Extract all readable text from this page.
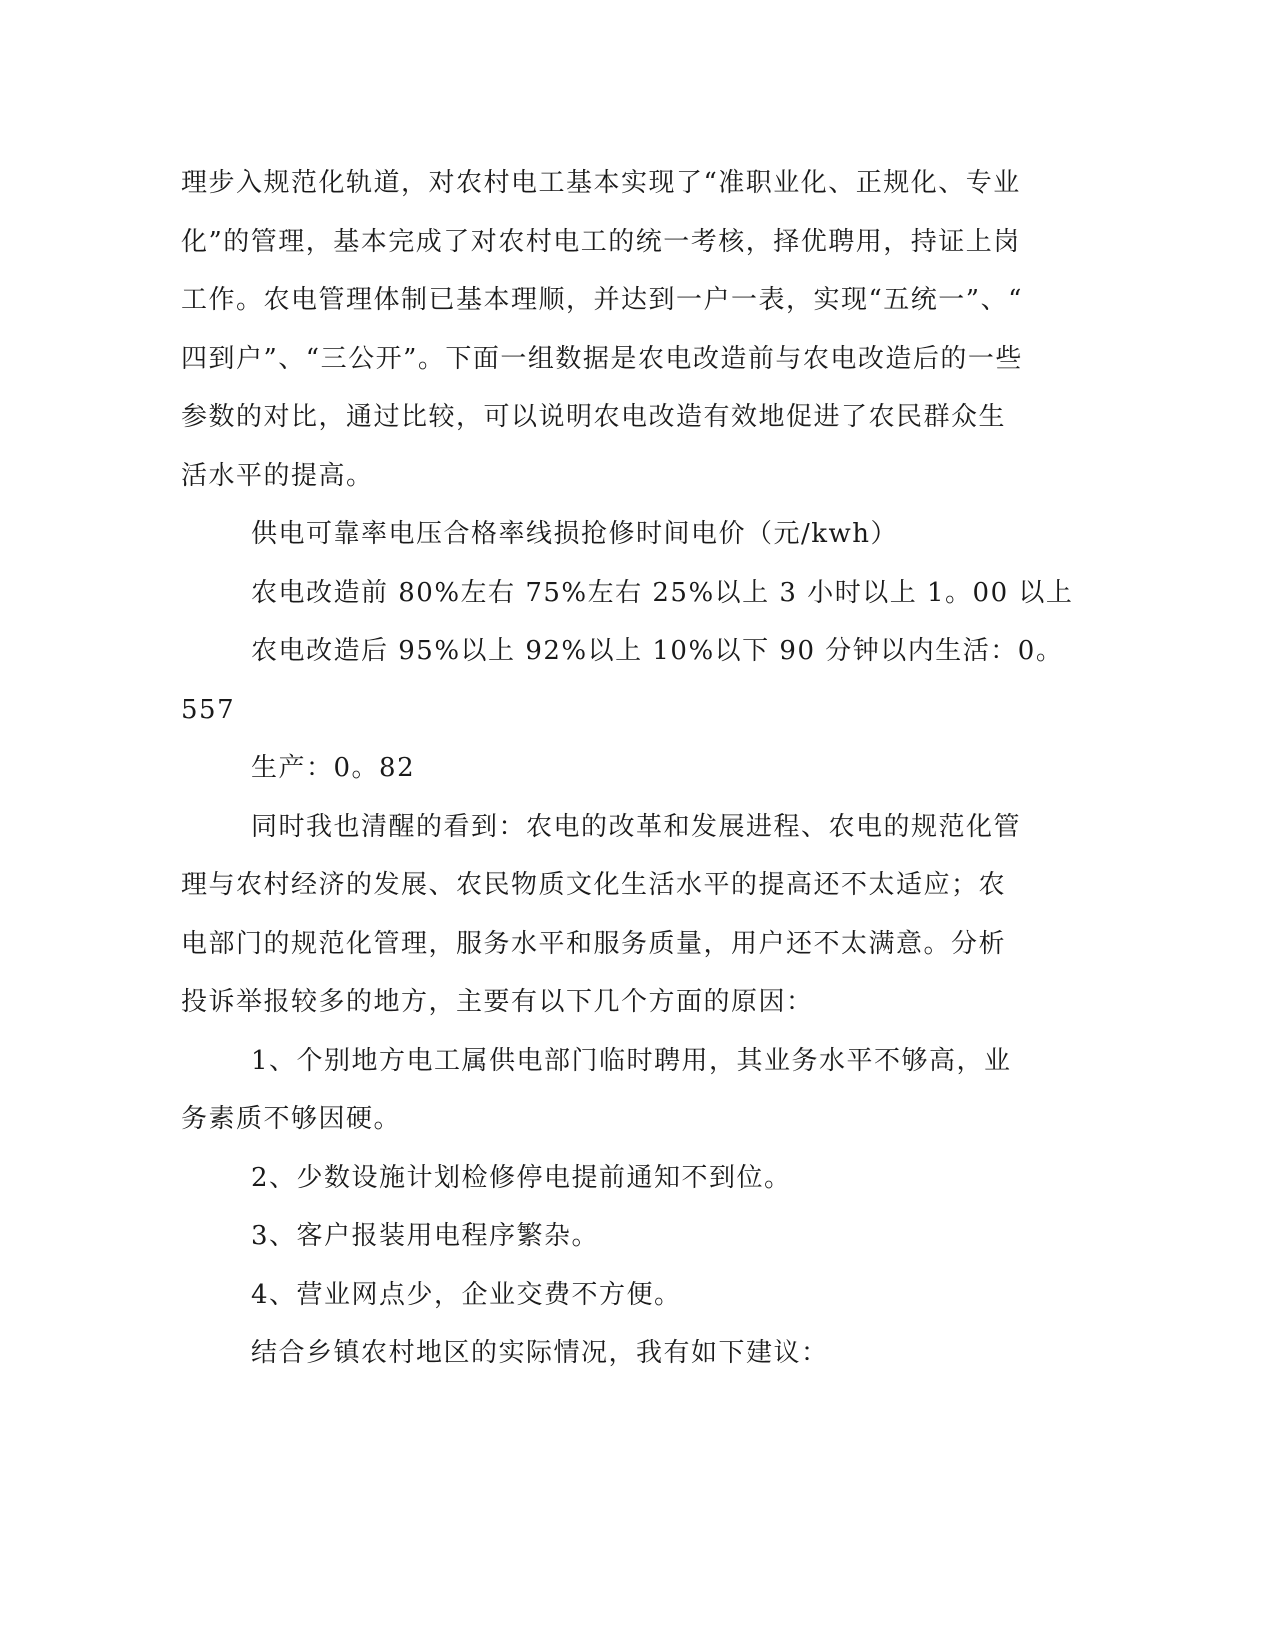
理步入规范化轨道，对农村电工基本实现了“准职业化、正规化、专业
化”的管理，基本完成了对农村电工的统一考核，择优聘用，持证上岗
工作。农电管理体制已基本理顺，并达到一户一表，实现“五统一”、“
四到户”、“三公开”。下面一组数据是农电改造前与农电改造后的一些
参数的对比，通过比较，可以说明农电改造有效地促进了农民群众生
活水平的提高。
供电可靠率电压合格率线损抢修时间电价（元/kwh）
农电改造前 80%左右 75%左右 25%以上 3 小时以上 1。00 以上
农电改造后 95%以上 92%以上 10%以下 90 分钟以内生活：0。
557
生产：0。82
同时我也清醒的看到：农电的改革和发展进程、农电的规范化管
理与农村经济的发展、农民物质文化生活水平的提高还不太适应；农
电部门的规范化管理，服务水平和服务质量，用户还不太满意。分析
投诉举报较多的地方，主要有以下几个方面的原因：
1、个别地方电工属供电部门临时聘用，其业务水平不够高，业
务素质不够因硬。
2、少数设施计划检修停电提前通知不到位。
3、客户报装用电程序繁杂。
4、营业网点少，企业交费不方便。
结合乡镇农村地区的实际情况，我有如下建议：
